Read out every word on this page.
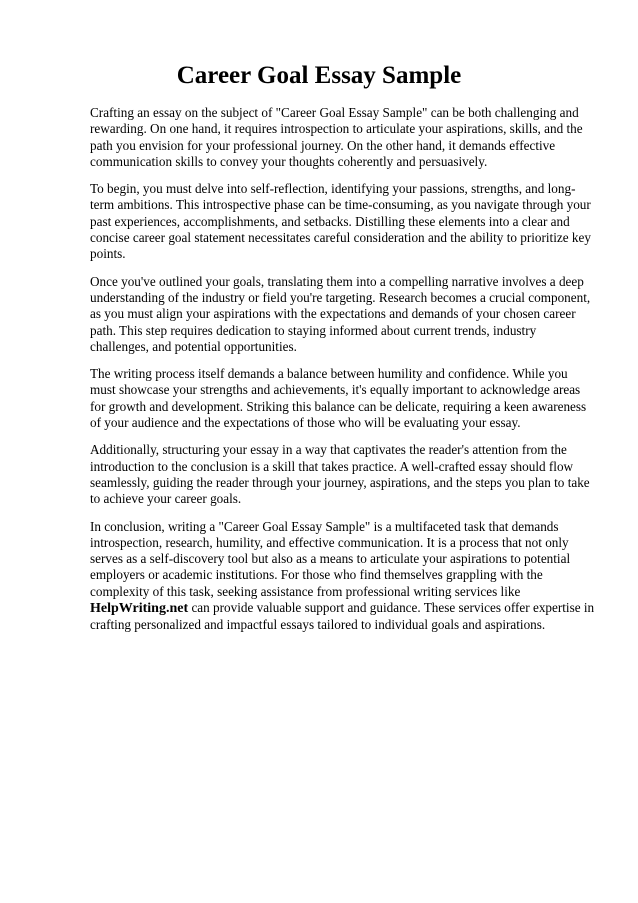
Career Goal Essay Sample

Crafting an essay on the subject of "Career Goal Essay Sample" can be both challenging and rewarding. On one hand, it requires introspection to articulate your aspirations, skills, and the path you envision for your professional journey. On the other hand, it demands effective communication skills to convey your thoughts coherently and persuasively.

To begin, you must delve into self-reflection, identifying your passions, strengths, and long-term ambitions. This introspective phase can be time-consuming, as you navigate through your past experiences, accomplishments, and setbacks. Distilling these elements into a clear and concise career goal statement necessitates careful consideration and the ability to prioritize key points.

Once you've outlined your goals, translating them into a compelling narrative involves a deep understanding of the industry or field you're targeting. Research becomes a crucial component, as you must align your aspirations with the expectations and demands of your chosen career path. This step requires dedication to staying informed about current trends, industry challenges, and potential opportunities.

The writing process itself demands a balance between humility and confidence. While you must showcase your strengths and achievements, it's equally important to acknowledge areas for growth and development. Striking this balance can be delicate, requiring a keen awareness of your audience and the expectations of those who will be evaluating your essay.

Additionally, structuring your essay in a way that captivates the reader's attention from the introduction to the conclusion is a skill that takes practice. A well-crafted essay should flow seamlessly, guiding the reader through your journey, aspirations, and the steps you plan to take to achieve your career goals.

In conclusion, writing a "Career Goal Essay Sample" is a multifaceted task that demands introspection, research, humility, and effective communication. It is a process that not only serves as a self-discovery tool but also as a means to articulate your aspirations to potential employers or academic institutions. For those who find themselves grappling with the complexity of this task, seeking assistance from professional writing services like HelpWriting.net can provide valuable support and guidance. These services offer expertise in crafting personalized and impactful essays tailored to individual goals and aspirations.
